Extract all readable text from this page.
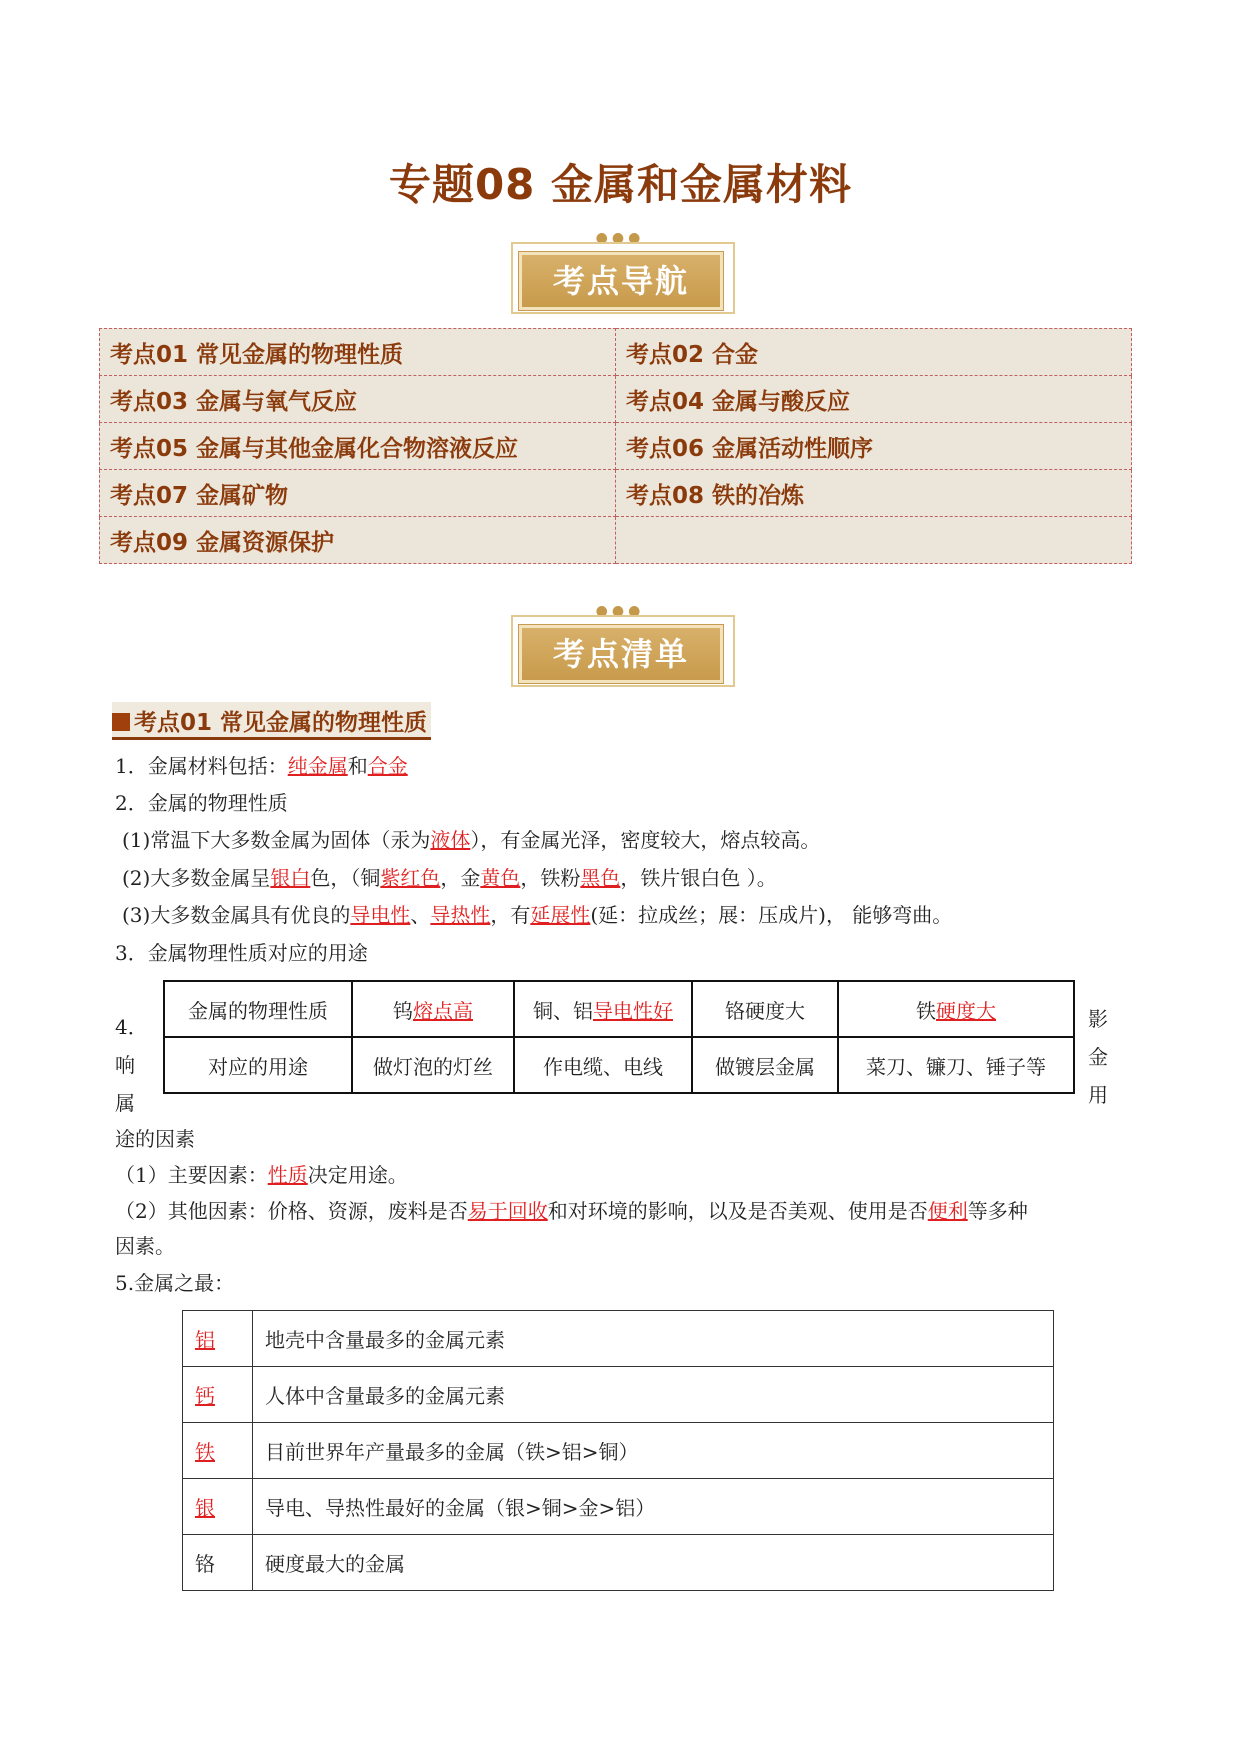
专题08 金属和金属材料
●●●
考点导航
考点01 常见金属的物理性质	考点02 合金
考点03 金属与氧气反应	考点04 金属与酸反应
考点05 金属与其他金属化合物溶液反应	考点06 金属活动性顺序
考点07 金属矿物	考点08 铁的冶炼
考点09 金属资源保护	
●●●
考点清单
考点01 常见金属的物理性质
1．金属材料包括：纯金属和合金
2．金属的物理性质
(1)常温下大多数金属为固体（汞为液体），有金属光泽，密度较大，熔点较高。
(2)大多数金属呈银白色，（铜紫红色，金黄色，铁粉黑色，铁片银白色 ）。
(3)大多数金属具有优良的导电性、导热性，有延展性(延：拉成丝；展：压成片)， 能够弯曲。
3．金属物理性质对应的用途
4．
响
属
影
金
用
金属的物理性质	钨熔点高	铜、铝导电性好	铬硬度大	铁硬度大
对应的用途	做灯泡的灯丝	作电缆、电线	做镀层金属	菜刀、镰刀、锤子等
途的因素
（1）主要因素：性质决定用途。
（2）其他因素：价格、资源，废料是否易于回收和对环境的影响，以及是否美观、使用是否便利等多种
因素。
5.金属之最：
铝	地壳中含量最多的金属元素
钙	人体中含量最多的金属元素
铁	目前世界年产量最多的金属（铁>铝>铜）
银	导电、导热性最好的金属（银>铜>金>铝）
铬	硬度最大的金属
